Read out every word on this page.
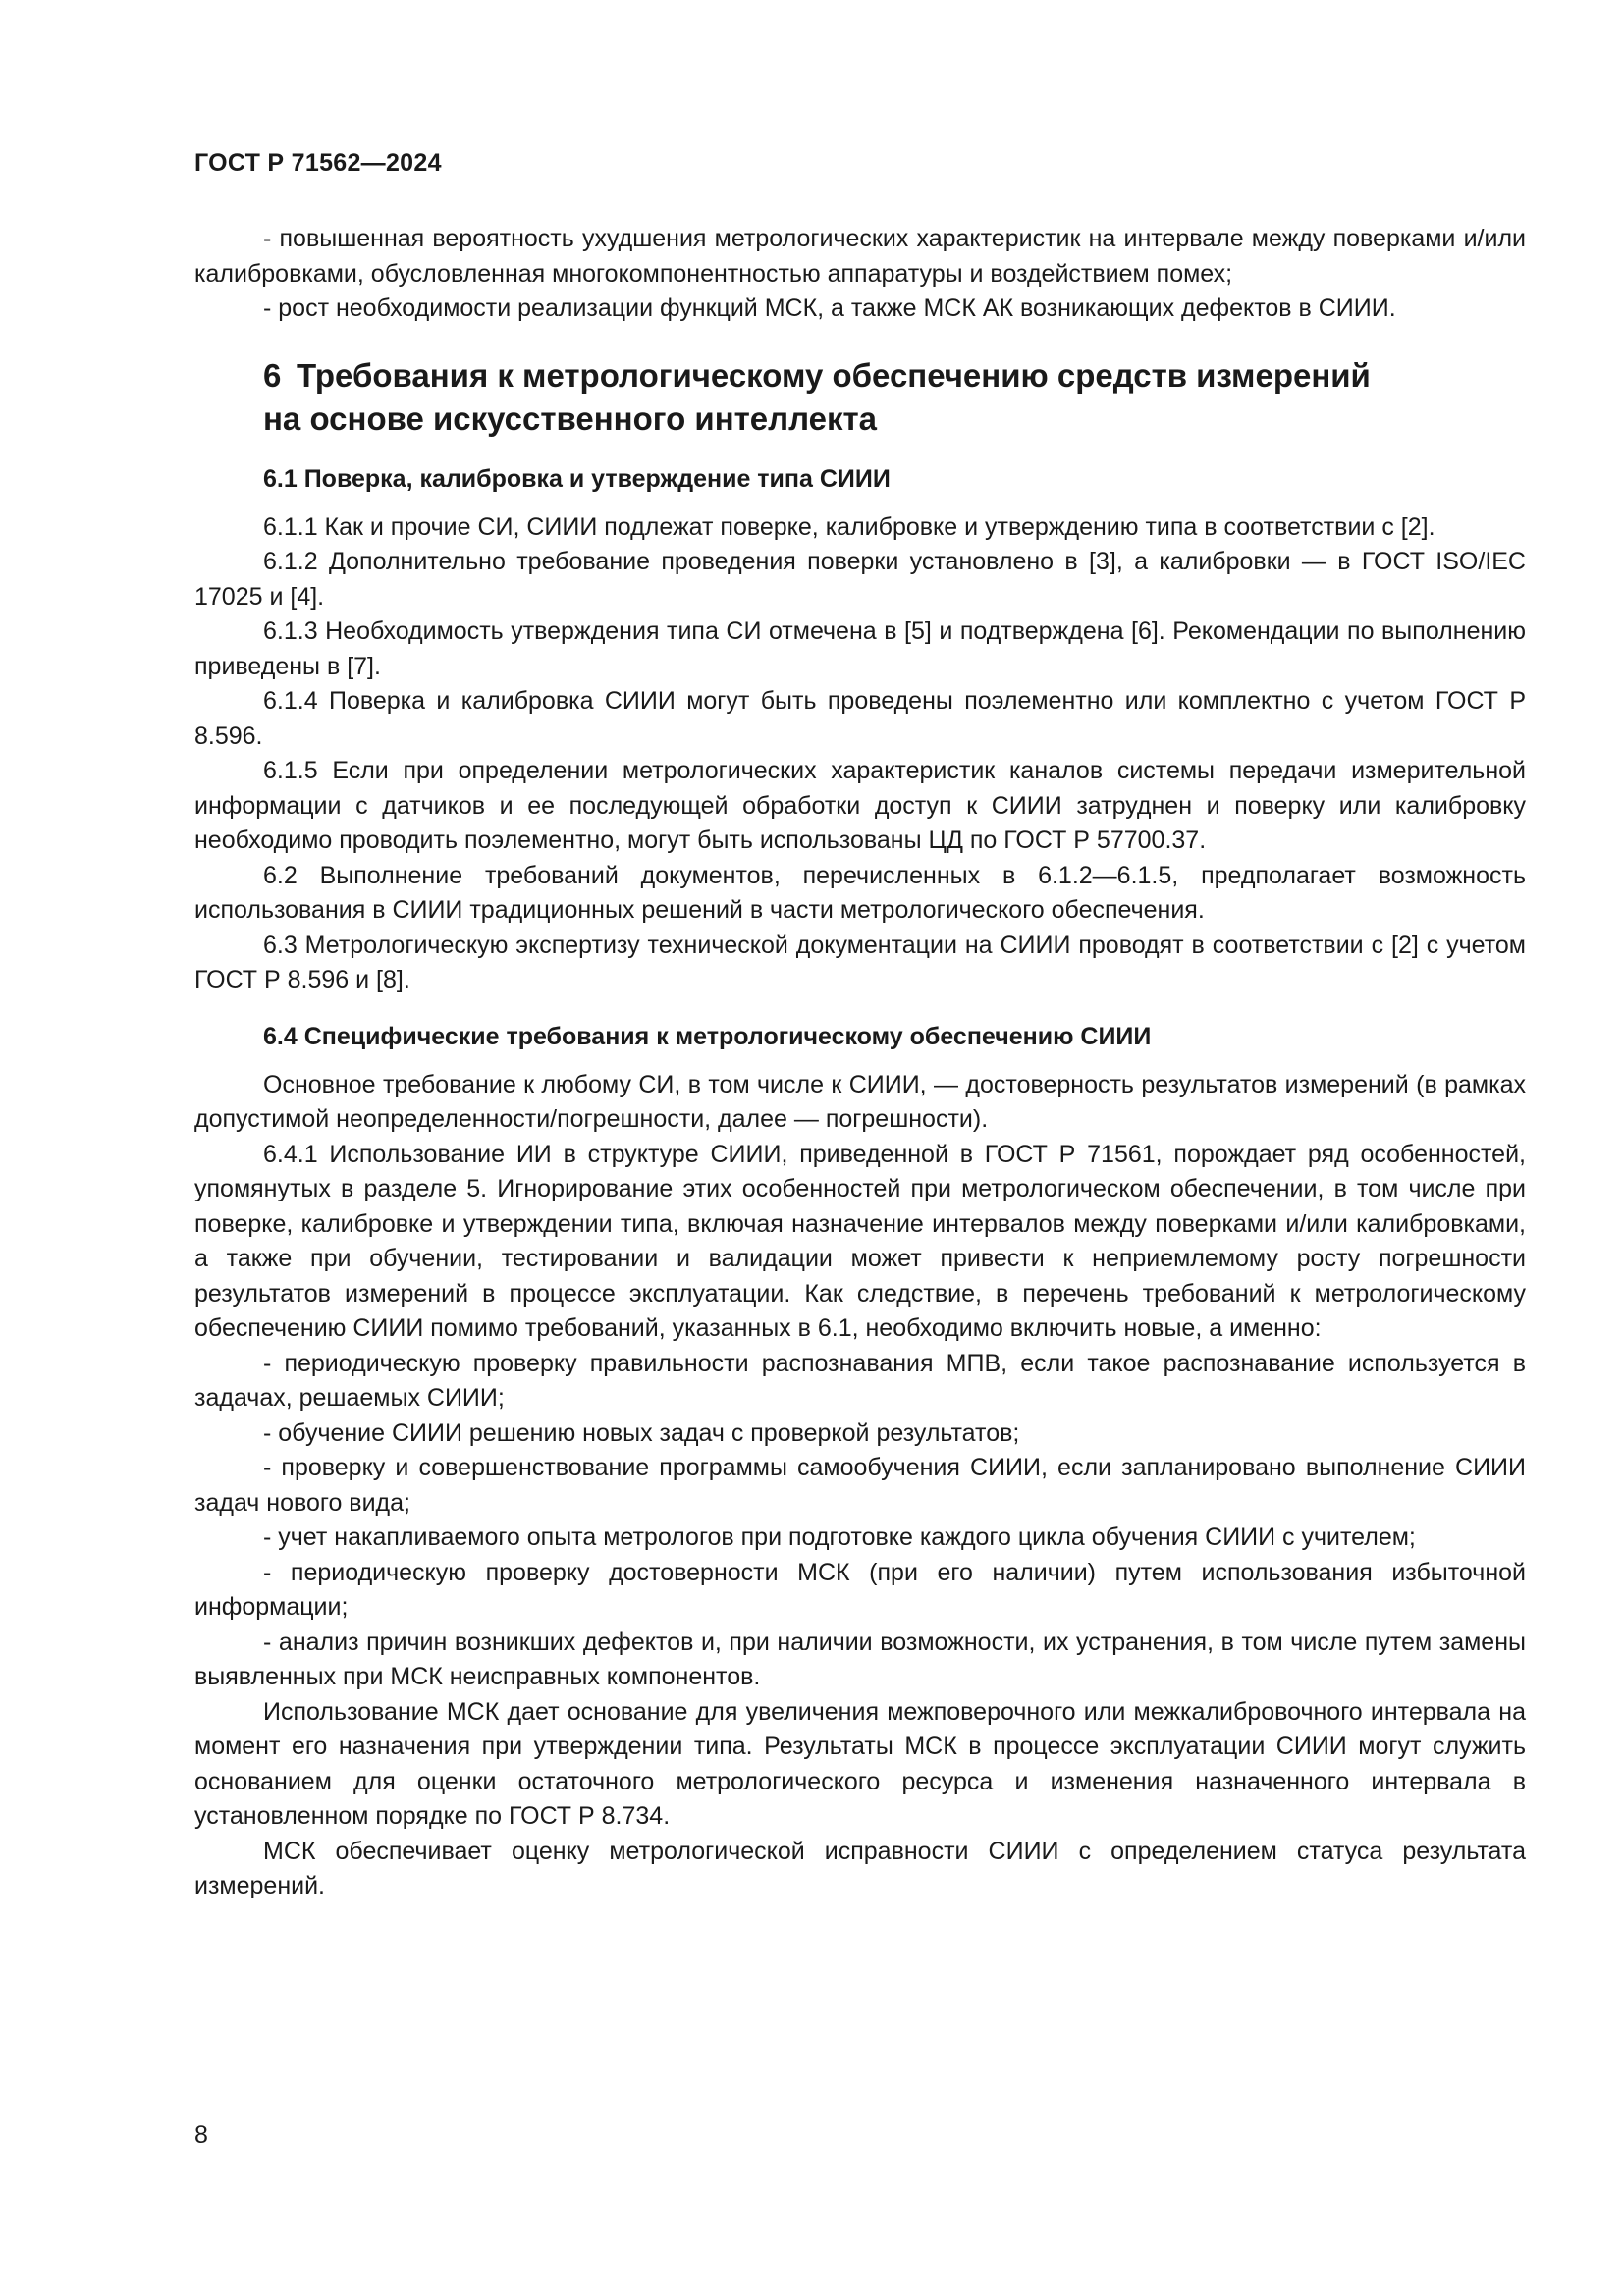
ГОСТ Р 71562—2024

- повышенная вероятность ухудшения метрологических характеристик на интервале между поверками и/или калибровками, обусловленная многокомпонентностью аппаратуры и воздействием помех;

- рост необходимости реализации функций МСК, а также МСК АК возникающих дефектов в СИИИ.

6 Требования к метрологическому обеспечению средств измерений
на основе искусственного интеллекта
6.1 Поверка, калибровка и утверждение типа СИИИ

6.1.1 Как и прочие СИ, СИИИ подлежат поверке, калибровке и утверждению типа в соответствии с [2].

6.1.2 Дополнительно требование проведения поверки установлено в [3], а калибровки — в ГОСТ ISO/IEC 17025 и [4].

6.1.3 Необходимость утверждения типа СИ отмечена в [5] и подтверждена [6]. Рекомендации по выполнению приведены в [7].

6.1.4 Поверка и калибровка СИИИ могут быть проведены поэлементно или комплектно с учетом ГОСТ Р 8.596.

6.1.5 Если при определении метрологических характеристик каналов системы передачи измерительной информации с датчиков и ее последующей обработки доступ к СИИИ затруднен и поверку или калибровку необходимо проводить поэлементно, могут быть использованы ЦД по ГОСТ Р 57700.37.

6.2 Выполнение требований документов, перечисленных в 6.1.2—6.1.5, предполагает возможность использования в СИИИ традиционных решений в части метрологического обеспечения.

6.3 Метрологическую экспертизу технической документации на СИИИ проводят в соответствии с [2] с учетом ГОСТ Р 8.596 и [8].

6.4 Специфические требования к метрологическому обеспечению СИИИ

Основное требование к любому СИ, в том числе к СИИИ, — достоверность результатов измерений (в рамках допустимой неопределенности/погрешности, далее — погрешности).

6.4.1 Использование ИИ в структуре СИИИ, приведенной в ГОСТ Р 71561, порождает ряд особенностей, упомянутых в разделе 5. Игнорирование этих особенностей при метрологическом обеспечении, в том числе при поверке, калибровке и утверждении типа, включая назначение интервалов между поверками и/или калибровками, а также при обучении, тестировании и валидации может привести к неприемлемому росту погрешности результатов измерений в процессе эксплуатации. Как следствие, в перечень требований к метрологическому обеспечению СИИИ помимо требований, указанных в 6.1, необходимо включить новые, а именно:

- периодическую проверку правильности распознавания МПВ, если такое распознавание используется в задачах, решаемых СИИИ;

- обучение СИИИ решению новых задач с проверкой результатов;

- проверку и совершенствование программы самообучения СИИИ, если запланировано выполнение СИИИ задач нового вида;

- учет накапливаемого опыта метрологов при подготовке каждого цикла обучения СИИИ с учителем;

- периодическую проверку достоверности МСК (при его наличии) путем использования избыточной информации;

- анализ причин возникших дефектов и, при наличии возможности, их устранения, в том числе путем замены выявленных при МСК неисправных компонентов.

Использование МСК дает основание для увеличения межповерочного или межкалибровочного интервала на момент его назначения при утверждении типа. Результаты МСК в процессе эксплуатации СИИИ могут служить основанием для оценки остаточного метрологического ресурса и изменения назначенного интервала в установленном порядке по ГОСТ Р 8.734.

МСК обеспечивает оценку метрологической исправности СИИИ с определением статуса результата измерений.

8
